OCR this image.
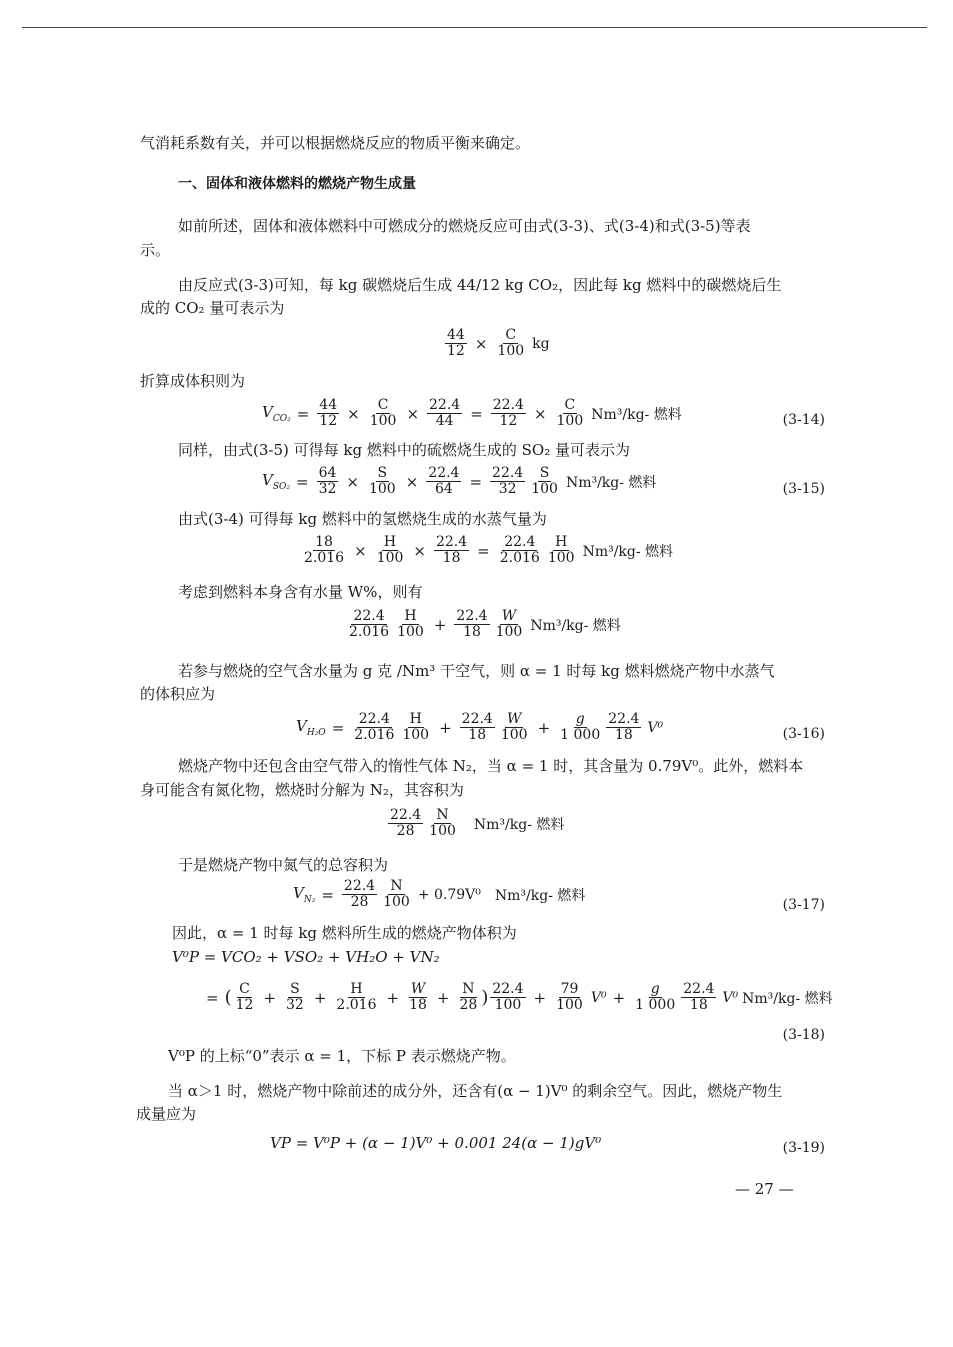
气消耗系数有关，并可以根据燃烧反应的物质平衡来确定。
一、固体和液体燃料的燃烧产物生成量
如前所述，固体和液体燃料中可燃成分的燃烧反应可由式(3-3)、式(3-4)和式(3-5)等表
示。
由反应式(3-3)可知，每 kg 碳燃烧后生成 44/12 kg CO₂，因此每 kg 燃料中的碳燃烧后生
成的 CO₂ 量可表示为
$\frac{44}{12} \times \frac{C}{100}$ kg
折算成体积则为
$V_{CO_2} = \frac{44}{12} \times \frac{C}{100} \times \frac{22.4}{44} = \frac{22.4}{12} \times \frac{C}{100} Nm^3/kg-$ 燃料	(3-14)
同样，由式(3-5) 可得每 kg 燃料中的硫燃烧生成的 SO₂ 量可表示为
$V_{SO_2} = \frac{64}{32} \times \frac{S}{100} \times \frac{22.4}{64} = \frac{22.4}{32} \frac{S}{100} Nm^3/kg-$ 燃料	(3-15)
由式(3-4) 可得每 kg 燃料中的氢燃烧生成的水蒸气量为
$\frac{18}{2.016} \times \frac{H}{100} \times \frac{22.4}{18} = \frac{22.4}{2.016} \frac{H}{100} Nm^3/kg-$ 燃料
考虑到燃料本身含有水量 W%，则有
$\frac{22.4}{2.016} \frac{H}{100} + \frac{22.4}{18} \frac{W}{100} Nm^3/kg-$ 燃料
若参与燃烧的空气含水量为 g 克 /Nm³ 干空气，则 α = 1 时每 kg 燃料燃烧产物中水蒸气
的体积应为
$V_{H_2O} = \frac{22.4}{2.016} \frac{H}{100} + \frac{22.4}{18} \frac{W}{100} + \frac{g}{1 000} \frac{22.4}{18} V^0$	(3-16)
燃烧产物中还包含由空气带入的惰性气体 N₂，当 α = 1 时，其含量为 0.79V⁰。此外，燃料本
身可能含有氮化物，燃烧时分解为 N₂，其容积为
$\frac{22.4}{28} \frac{N}{100} Nm^3/kg-$ 燃料
于是燃烧产物中氮气的总容积为
$V_{N_2} = \frac{22.4}{28} \frac{N}{100} + 0.79V^0$ Nm³/kg- 燃料
(3-17)
因此，α = 1 时每 kg 燃料所生成的燃烧产物体积为
V⁰P = VCO₂ + VSO₂ + VH₂O + VN₂
= ( $\frac{C}{12} + \frac{S}{32} + \frac{H}{2.016} + \frac{W}{18} + \frac{N}{28}$ ) $\frac{22.4}{100} + \frac{79}{100} V^0 + \frac{g}{1 000} \frac{22.4}{18} V^0$ Nm³/kg- 燃料
(3-18)
V⁰P 的上标“0”表示 α = 1，下标 P 表示燃烧产物。
当 α＞1 时，燃烧产物中除前述的成分外，还含有(α − 1)V⁰ 的剩余空气。因此，燃烧产物生
成量应为
VP = V⁰P + (α − 1)V⁰ + 0.001 24(α − 1)gV⁰	(3-19)
— 27 —
